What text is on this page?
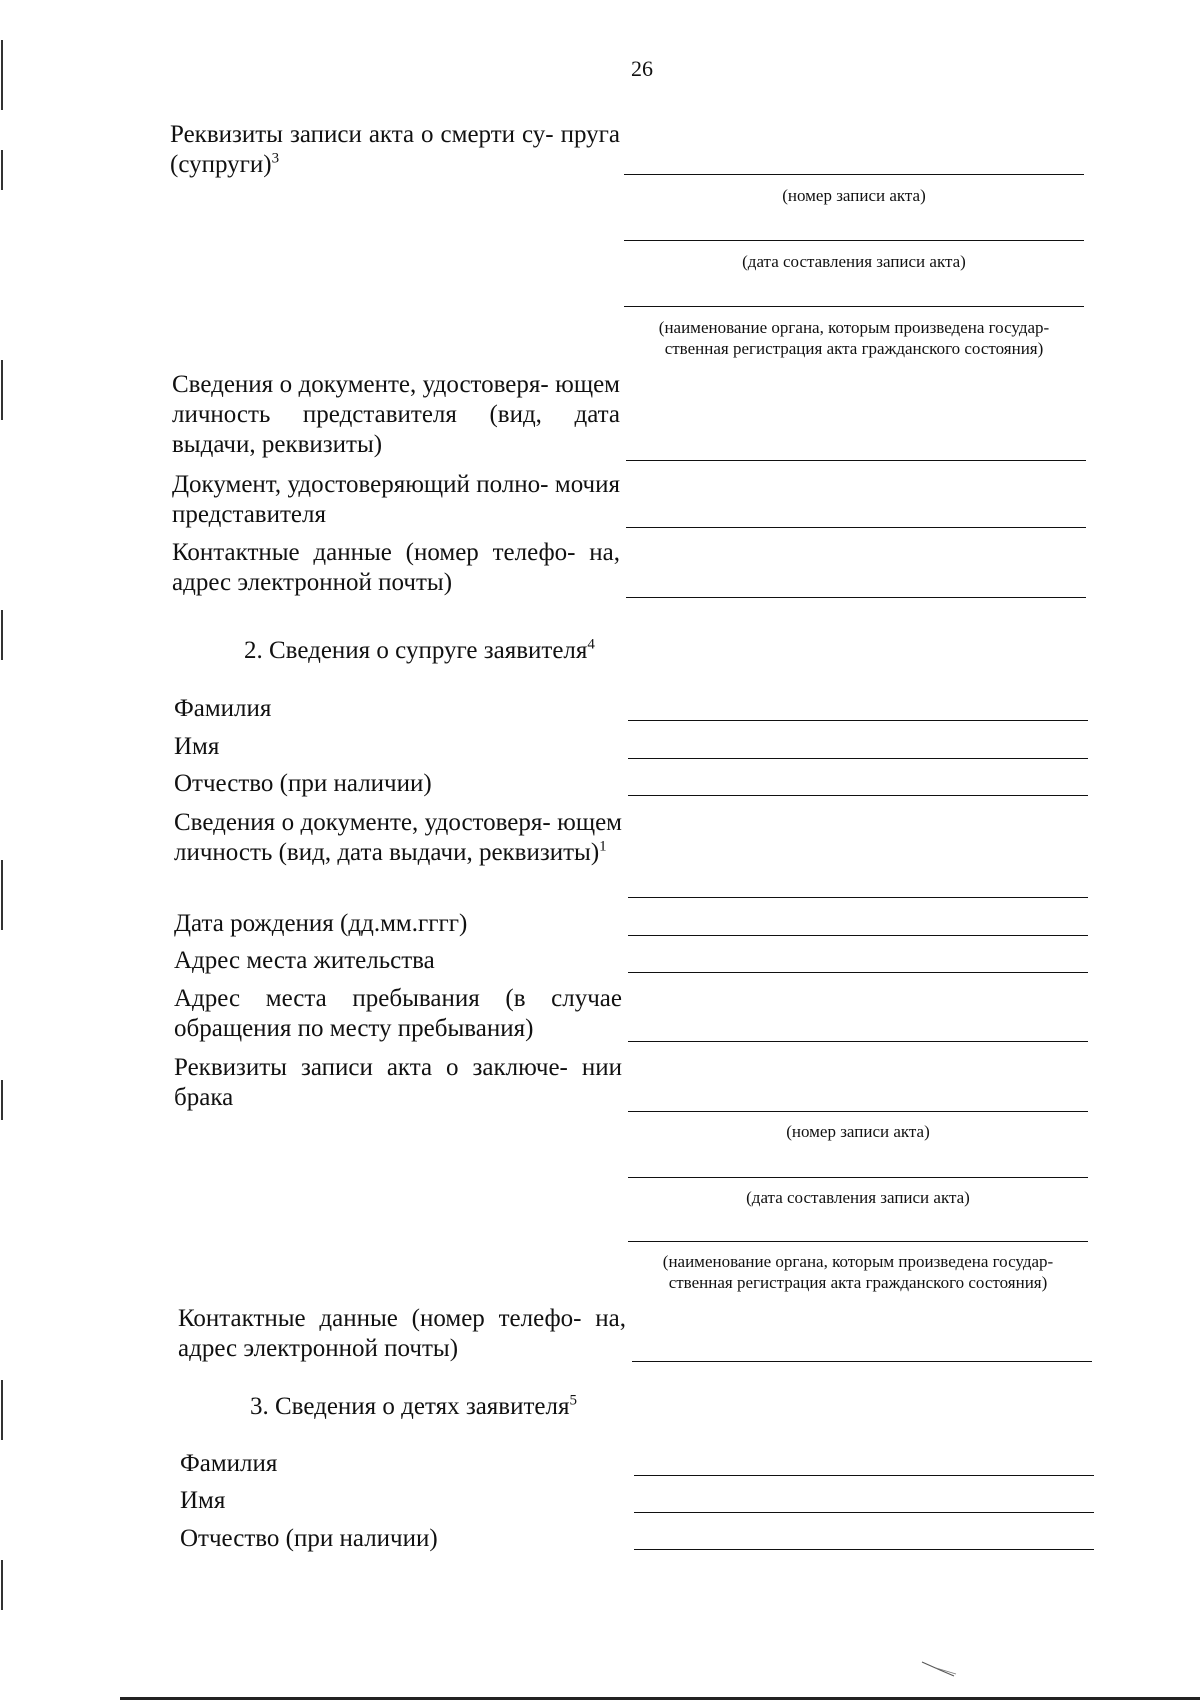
26
Реквизиты записи акта о смерти су- пруга (супруги)$^3$
(номер записи акта)
(дата составления записи акта)
(наименование органа, которым произведена государ-
ственная регистрация акта гражданского состояния)
Сведения о документе, удостоверя- ющем личность представителя (вид, дата выдачи, реквизиты)
Документ, удостоверяющий полно- мочия представителя
Контактные данные (номер телефо- на, адрес электронной почты)
2. Сведения о супруге заявителя$^4$
Фамилия
Имя
Отчество (при наличии)
Сведения о документе, удостоверя- ющем личность (вид, дата выдачи, реквизиты)$^1$
Дата рождения (дд.мм.гггг)
Адрес места жительства
Адрес места пребывания (в случае обращения по месту пребывания)
Реквизиты записи акта о заключе- нии брака
(номер записи акта)
(дата составления записи акта)
(наименование органа, которым произведена государ-
ственная регистрация акта гражданского состояния)
Контактные данные (номер телефо- на, адрес электронной почты)
3. Сведения о детях заявителя$^5$
Фамилия
Имя
Отчество (при наличии)
